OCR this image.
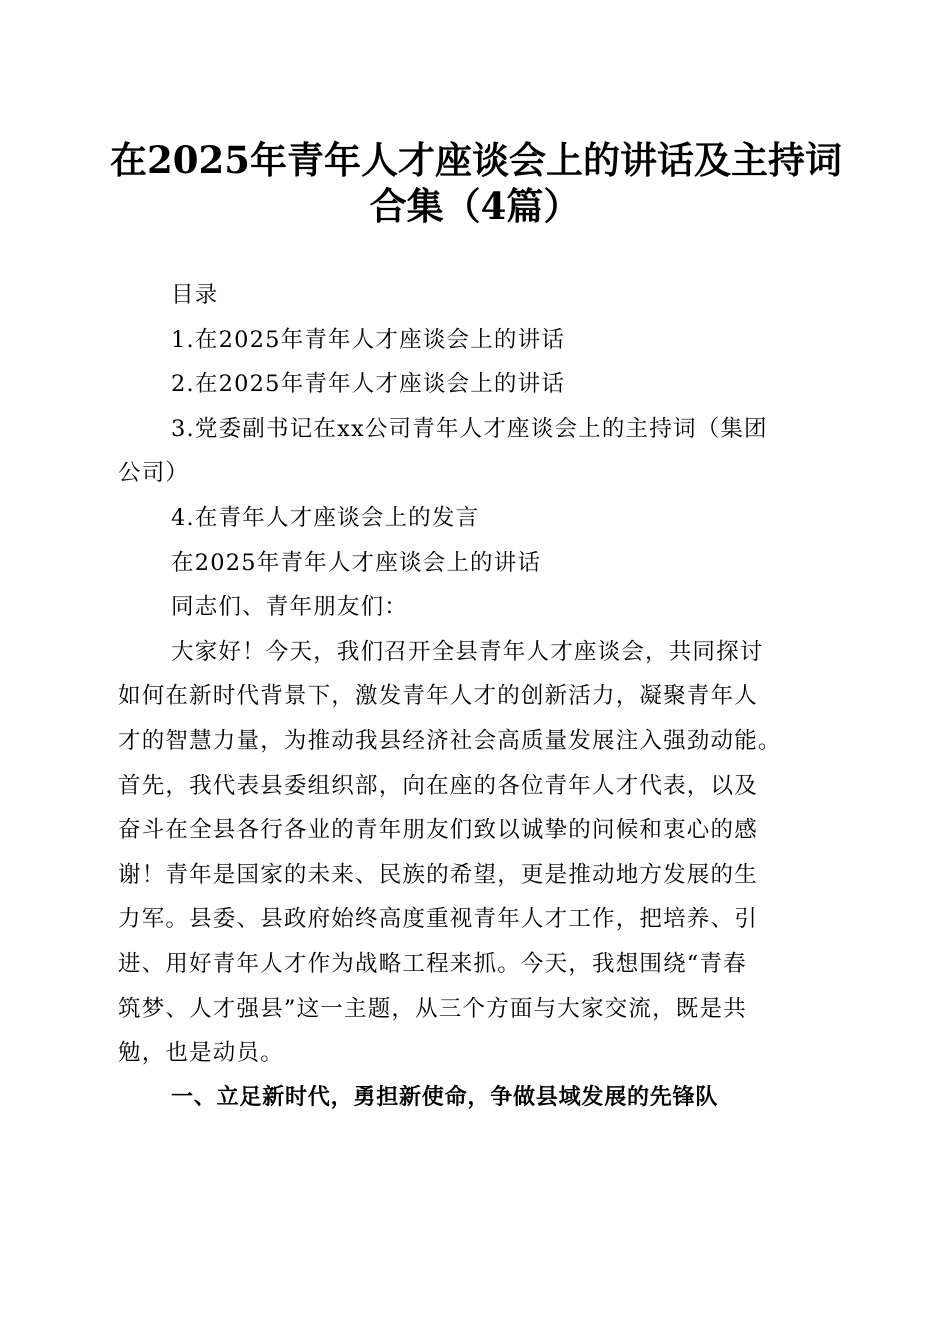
在2025年青年人才座谈会上的讲话及主持词
合集（4篇）

目录

1.在2025年青年人才座谈会上的讲话

2.在2025年青年人才座谈会上的讲话

3.党委副书记在xx公司青年人才座谈会上的主持词（集团

公司）

4.在青年人才座谈会上的发言

在2025年青年人才座谈会上的讲话

同志们、青年朋友们：

大家好！今天，我们召开全县青年人才座谈会，共同探讨

如何在新时代背景下，激发青年人才的创新活力，凝聚青年人

才的智慧力量，为推动我县经济社会高质量发展注入强劲动能。

首先，我代表县委组织部，向在座的各位青年人才代表，以及

奋斗在全县各行各业的青年朋友们致以诚挚的问候和衷心的感

谢！青年是国家的未来、民族的希望，更是推动地方发展的生

力军。县委、县政府始终高度重视青年人才工作，把培养、引

进、用好青年人才作为战略工程来抓。今天，我想围绕“青春

筑梦、人才强县”这一主题，从三个方面与大家交流，既是共

勉，也是动员。

一、立足新时代，勇担新使命，争做县域发展的先锋队
